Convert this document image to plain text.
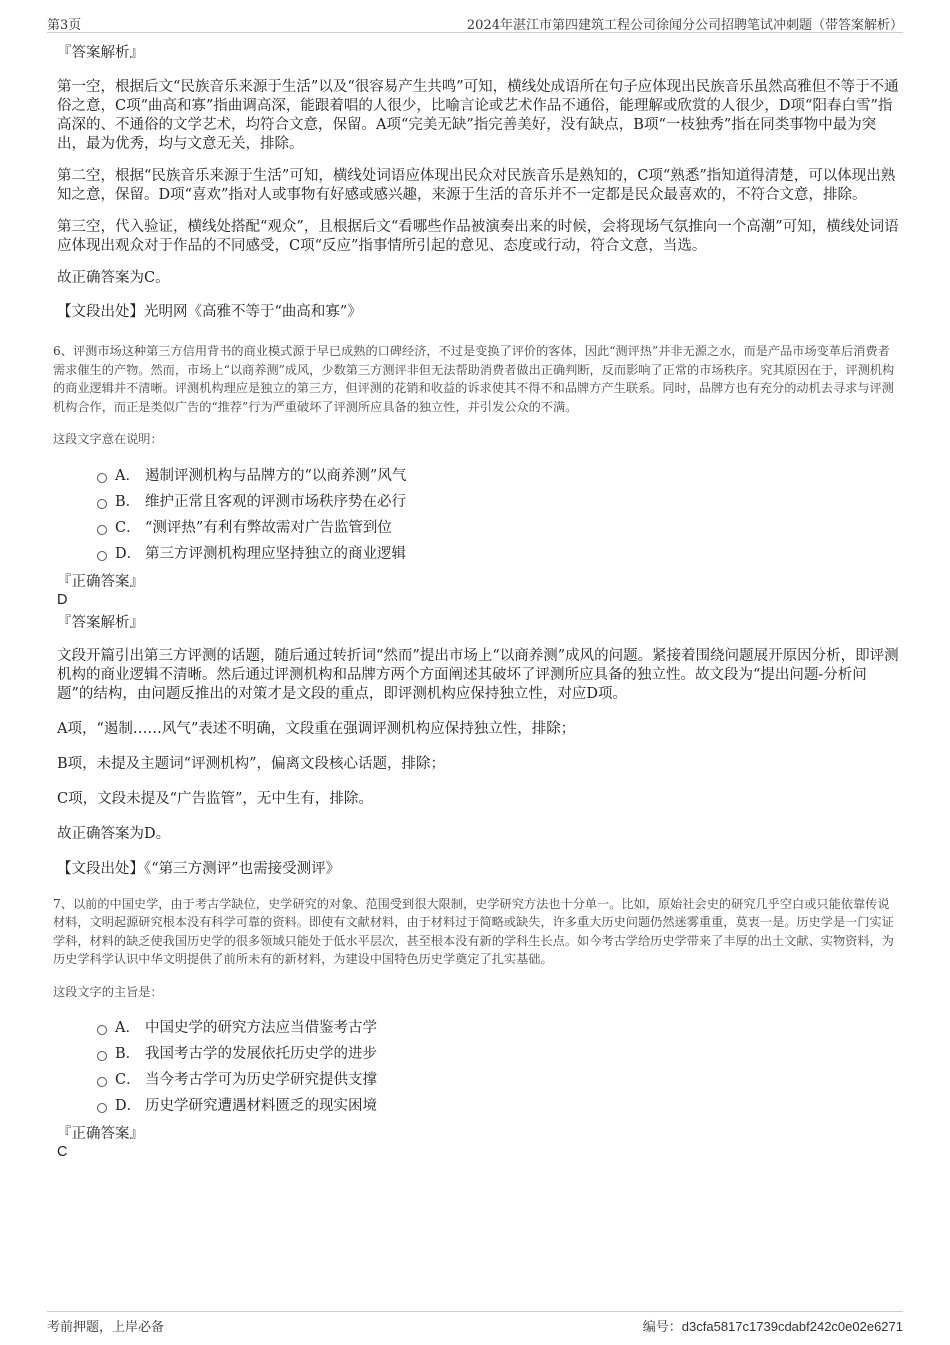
第3页	2024年湛江市第四建筑工程公司徐闻分公司招聘笔试冲刺题（带答案解析）

『答案解析』

第一空，根据后文“民族音乐来源于生活”以及“很容易产生共鸣”可知，横线处成语所在句子应体现出民族音乐虽然高雅但不等于不通俗之意，C项“曲高和寡”指曲调高深，能跟着唱的人很少，比喻言论或艺术作品不通俗，能理解或欣赏的人很少，D项“阳春白雪”指高深的、不通俗的文学艺术，均符合文意，保留。A项“完美无缺”指完善美好，没有缺点，B项“一枝独秀”指在同类事物中最为突出，最为优秀，均与文意无关，排除。

第二空，根据“民族音乐来源于生活”可知，横线处词语应体现出民众对民族音乐是熟知的，C项“熟悉”指知道得清楚，可以体现出熟知之意，保留。D项“喜欢”指对人或事物有好感或感兴趣，来源于生活的音乐并不一定都是民众最喜欢的，不符合文意，排除。

第三空，代入验证，横线处搭配“观众”，且根据后文“看哪些作品被演奏出来的时候，会将现场气氛推向一个高潮”可知，横线处词语应体现出观众对于作品的不同感受，C项“反应”指事情所引起的意见、态度或行动，符合文意，当选。

故正确答案为C。

【文段出处】光明网《高雅不等于“曲高和寡”》

6、评测市场这种第三方信用背书的商业模式源于早已成熟的口碑经济，不过是变换了评价的客体，因此“测评热”并非无源之水，而是产品市场变革后消费者需求催生的产物。然而，市场上“以商养测”成风，少数第三方测评非但无法帮助消费者做出正确判断，反而影响了正常的市场秩序。究其原因在于，评测机构的商业逻辑并不清晰。评测机构理应是独立的第三方，但评测的花销和收益的诉求使其不得不和品牌方产生联系。同时，品牌方也有充分的动机去寻求与评测机构合作，而正是类似广告的“推荐”行为严重破坏了评测所应具备的独立性，并引发公众的不满。

这段文字意在说明：

A． 遏制评测机构与品牌方的“以商养测”风气
B． 维护正常且客观的评测市场秩序势在必行
C． “测评热”有利有弊故需对广告监管到位
D． 第三方评测机构理应坚持独立的商业逻辑

『正确答案』

D

『答案解析』

文段开篇引出第三方评测的话题，随后通过转折词“然而”提出市场上“以商养测”成风的问题。紧接着围绕问题展开原因分析，即评测机构的商业逻辑不清晰。然后通过评测机构和品牌方两个方面阐述其破坏了评测所应具备的独立性。故文段为“提出问题-分析问题”的结构，由问题反推出的对策才是文段的重点，即评测机构应保持独立性，对应D项。

A项，“遏制……风气”表述不明确，文段重在强调评测机构应保持独立性，排除；

B项，未提及主题词“评测机构”，偏离文段核心话题，排除；

C项，文段未提及“广告监管”，无中生有，排除。

故正确答案为D。

【文段出处】《“第三方测评”也需接受测评》

7、以前的中国史学，由于考古学缺位，史学研究的对象、范围受到很大限制，史学研究方法也十分单一。比如，原始社会史的研究几乎空白或只能依靠传说材料，文明起源研究根本没有科学可靠的资料。即使有文献材料，由于材料过于简略或缺失，许多重大历史问题仍然迷雾重重，莫衷一是。历史学是一门实证学科，材料的缺乏使我国历史学的很多领域只能处于低水平层次，甚至根本没有新的学科生长点。如今考古学给历史学带来了丰厚的出土文献、实物资料，为历史学科学认识中华文明提供了前所未有的新材料，为建设中国特色历史学奠定了扎实基础。

这段文字的主旨是：

A． 中国史学的研究方法应当借鉴考古学
B． 我国考古学的发展依托历史学的进步
C． 当今考古学可为历史学研究提供支撑
D． 历史学研究遭遇材料匮乏的现实困境

『正确答案』

C

考前押题，上岸必备	编号：d3cfa5817c1739cdabf242c0e02e6271
